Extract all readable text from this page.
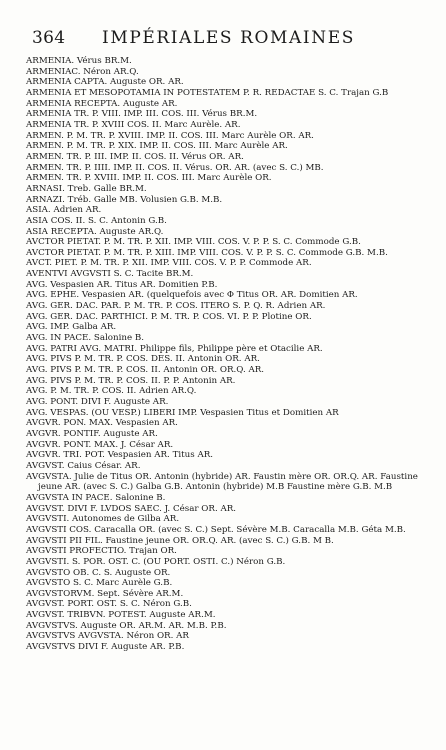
364 IMPÉRIALES ROMAINES

ARMENIA. Vérus BR.M.

ARMENIAC. Néron AR.Q.

ARMENIA CAPTA. Auguste OR. AR.

ARMENIA ET MESOPOTAMIA IN POTESTATEM P. R. REDACTAE S. C. Trajan G.B

ARMENIA RECEPTA. Auguste AR.

ARMENIA TR. P. VIII. IMP. III. COS. III. Vérus BR.M.

ARMENIA TR. P. XVIII COS. II. Marc Aurèle. AR.

ARMEN. P. M. TR. P. XVIII. IMP. II. COS. III. Marc Aurèle OR. AR.

ARMEN. P. M. TR. P. XIX. IMP. II. COS. III. Marc Aurèle AR.

ARMEN. TR. P. III. IMP. II. COS. II. Vérus OR. AR.

ARMEN. TR. P. IIII. IMP. II. COS. II. Vérus. OR. AR. (avec S. C.) MB.

ARMEN. TR. P. XVIII. IMP. II. COS. III. Marc Aurèle OR.

ARNASI. Treb. Galle BR.M.

ARNAZI. Tréb. Galle MB. Volusien G.B. M.B.

ASIA. Adrien AR.

ASIA COS. II. S. C. Antonin G.B.

ASIA RECEPTA. Auguste AR.Q.

AVCTOR PIETAT. P. M. TR. P. XII. IMP. VIII. COS. V. P. P. S. C. Commode G.B.

AVCTOR PIETAT. P. M. TR. P. XIII. IMP. VIII. COS. V. P. P. S. C. Commode G.B. M.B.

AVCT. PIET. P. M. TR. P. XII. IMP. VIII. COS. V. P. P. Commode AR.

AVENTVI AVGVSTI S. C. Tacite BR.M.

AVG. Vespasien AR. Titus AR. Domitien P.B.

AVG. EPHE. Vespasien AR. (quelquefois avec Φ Titus OR. AR. Domitien AR.

AVG. GER. DAC. PAR. P. M. TR. P. COS. ITERO S. P. Q. R. Adrien AR.

AVG. GER. DAC. PARTHICI. P. M. TR. P. COS. VI. P. P. Plotine OR.

AVG. IMP. Galba AR.

AVG. IN PACE. Salonine B.

AVG. PATRI AVG. MATRI. Philippe fils, Philippe père et Otacilie AR.

AVG. PIVS P. M. TR. P. COS. DES. II. Antonin OR. AR.

AVG. PIVS P. M. TR. P. COS. II. Antonin OR. OR.Q. AR.

AVG. PIVS P. M. TR. P. COS. II. P. P. Antonin AR.

AVG. P. M. TR. P. COS. II. Adrien AR.Q.

AVG. PONT. DIVI F. Auguste AR.

AVG. VESPAS. (OU VESP.) LIBERI IMP. Vespasien Titus et Domitien AR

AVGVR. PON. MAX. Vespasien AR.

AVGVR. PONTIF. Auguste AR.

AVGVR. PONT. MAX. J. César AR.

AVGVR. TRI. POT. Vespasien AR. Titus AR.

AVGVST. Caius César. AR.

AVGVSTA. Julie de Titus OR. Antonin (hybride) AR. Faustin mère OR. OR.Q. AR. Faustine jeune AR. (avec S. C.) Galba G.B. Antonin (hybride) M.B Faustine mère G.B. M.B

AVGVSTA IN PACE. Salonine B.

AVGVST. DIVI F. LVDOS SAEC. J. César OR. AR.

AVGVSTI. Autonomes de Gilba AR.

AVGVSTI COS. Caracalla OR. (avec S. C.) Sept. Sévère M.B. Caracalla M.B. Géta M.B.

AVGVSTI PII FIL. Faustine jeune OR. OR.Q. AR. (avec S. C.) G.B. M B.

AVGVSTI PROFECTIO. Trajan OR.

AVGVSTI. S. POR. OST. C. (OU PORT. OSTI. C.) Néron G.B.

AVGVSTO OB. C. S. Auguste OR.

AVGVSTO S. C. Marc Aurèle G.B.

AVGVSTORVM. Sept. Sévère AR.M.

AVGVST. PORT. OST. S. C. Néron G.B.

AVGVST. TRIBVN. POTEST. Auguste AR.M.

AVGVSTVS. Auguste OR. AR.M. AR. M.B. P.B.

AVGVSTVS AVGVSTA. Néron OR. AR

AVGVSTVS DIVI F. Auguste AR. P.B.
